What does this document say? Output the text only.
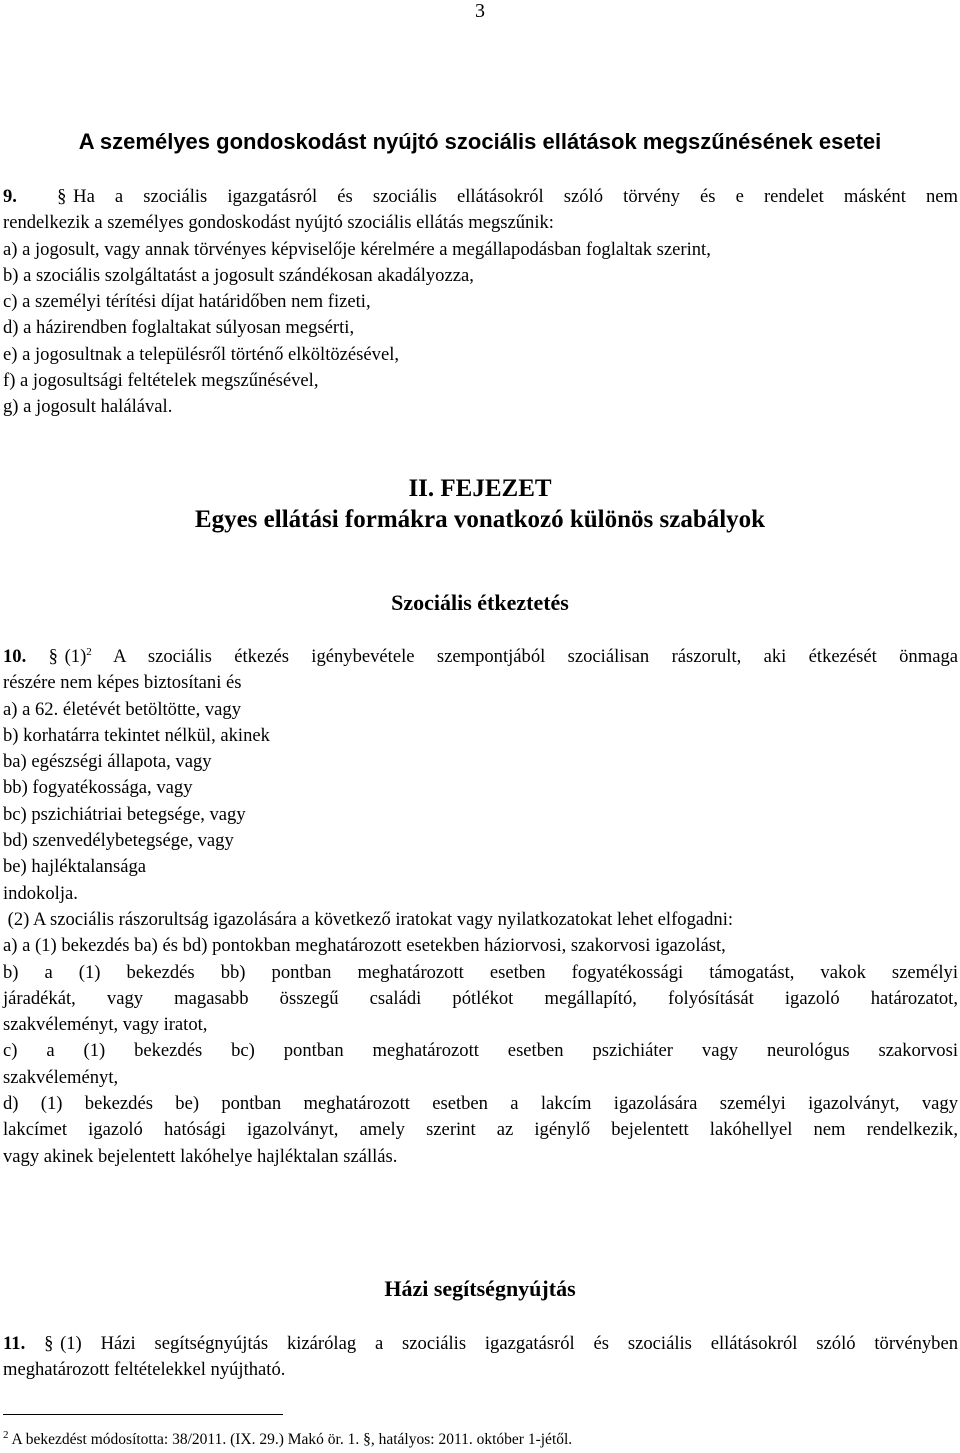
3
A személyes gondoskodást nyújtó szociális ellátások megszűnésének esetei

9. § Ha a szociális igazgatásról és szociális ellátásokról szóló törvény és e rendelet másként nem

rendelkezik a személyes gondoskodást nyújtó szociális ellátás megszűnik:

a) a jogosult, vagy annak törvényes képviselője kérelmére a megállapodásban foglaltak szerint,

b) a szociális szolgáltatást a jogosult szándékosan akadályozza,

c) a személyi térítési díjat határidőben nem fizeti,

d) a házirendben foglaltakat súlyosan megsérti,

e) a jogosultnak a településről történő elköltözésével,

f) a jogosultsági feltételek megszűnésével,

g) a jogosult halálával.

II. FEJEZET
Egyes ellátási formákra vonatkozó különös szabályok
Szociális étkeztetés

10. § $(1)^2$ A szociális étkezés igénybevétele szempontjából szociálisan rászorult, aki étkezését önmaga

részére nem képes biztosítani és

a) a 62. életévét betöltötte, vagy

b) korhatárra tekintet nélkül, akinek

ba) egészségi állapota, vagy

bb) fogyatékossága, vagy

bc) pszichiátriai betegsége, vagy

bd) szenvedélybetegsége, vagy

be) hajléktalansága

indokolja.

(2) A szociális rászorultság igazolására a következő iratokat vagy nyilatkozatokat lehet elfogadni:

a) a (1) bekezdés ba) és bd) pontokban meghatározott esetekben háziorvosi, szakorvosi igazolást,

b) a (1) bekezdés bb) pontban meghatározott esetben fogyatékossági támogatást, vakok személyi

járadékát, vagy magasabb összegű családi pótlékot megállapító, folyósítását igazoló határozatot,

szakvéleményt, vagy iratot,

c) a (1) bekezdés bc) pontban meghatározott esetben pszichiáter vagy neurológus szakorvosi

szakvéleményt,

d) (1) bekezdés be) pontban meghatározott esetben a lakcím igazolására személyi igazolványt, vagy

lakcímet igazoló hatósági igazolványt, amely szerint az igénylő bejelentett lakóhellyel nem rendelkezik,

vagy akinek bejelentett lakóhelye hajléktalan szállás.

Házi segítségnyújtás

11. § (1) Házi segítségnyújtás kizárólag a szociális igazgatásról és szociális ellátásokról szóló törvényben

meghatározott feltételekkel nyújtható.

$^2$ A bekezdést módosította: 38/2011. (IX. 29.) Makó ör. 1. §, hatályos: 2011. október 1-jétől.
